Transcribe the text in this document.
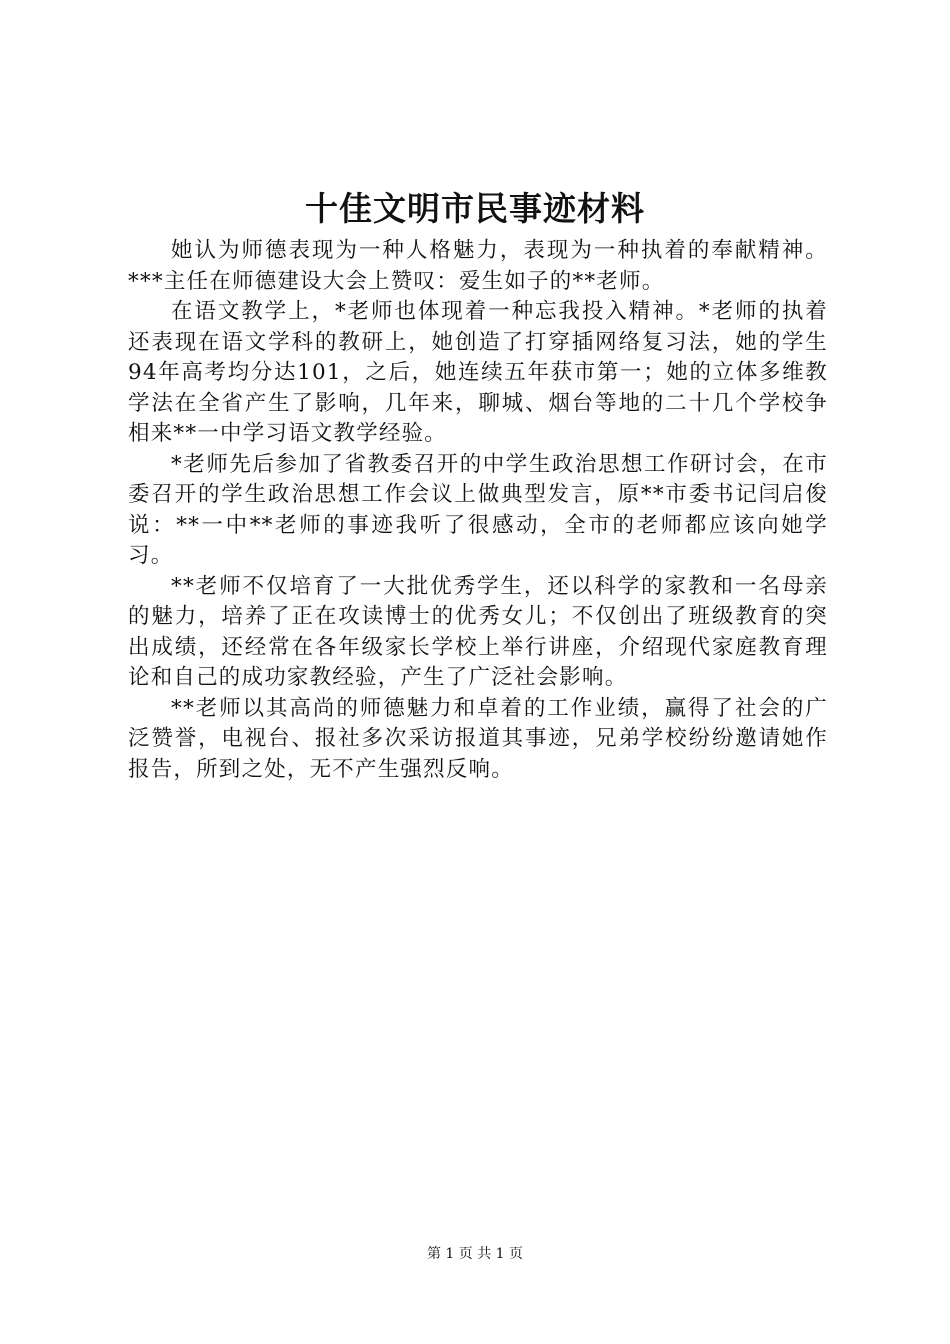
十佳文明市民事迹材料

她认为师德表现为一种人格魅力，表现为一种执着的奉献精神。***主任在师德建设大会上赞叹：爱生如子的**老师。

在语文教学上，*老师也体现着一种忘我投入精神。*老师的执着还表现在语文学科的教研上，她创造了打穿插网络复习法，她的学生94年高考均分达101，之后，她连续五年获市第一；她的立体多维教学法在全省产生了影响，几年来，聊城、烟台等地的二十几个学校争相来**一中学习语文教学经验。

*老师先后参加了省教委召开的中学生政治思想工作研讨会，在市委召开的学生政治思想工作会议上做典型发言，原**市委书记闫启俊说：**一中**老师的事迹我听了很感动，全市的老师都应该向她学习。

**老师不仅培育了一大批优秀学生，还以科学的家教和一名母亲的魅力，培养了正在攻读博士的优秀女儿；不仅创出了班级教育的突出成绩，还经常在各年级家长学校上举行讲座，介绍现代家庭教育理论和自己的成功家教经验，产生了广泛社会影响。

**老师以其高尚的师德魅力和卓着的工作业绩，赢得了社会的广泛赞誉，电视台、报社多次采访报道其事迹，兄弟学校纷纷邀请她作报告，所到之处，无不产生强烈反响。

第 1 页 共 1 页
